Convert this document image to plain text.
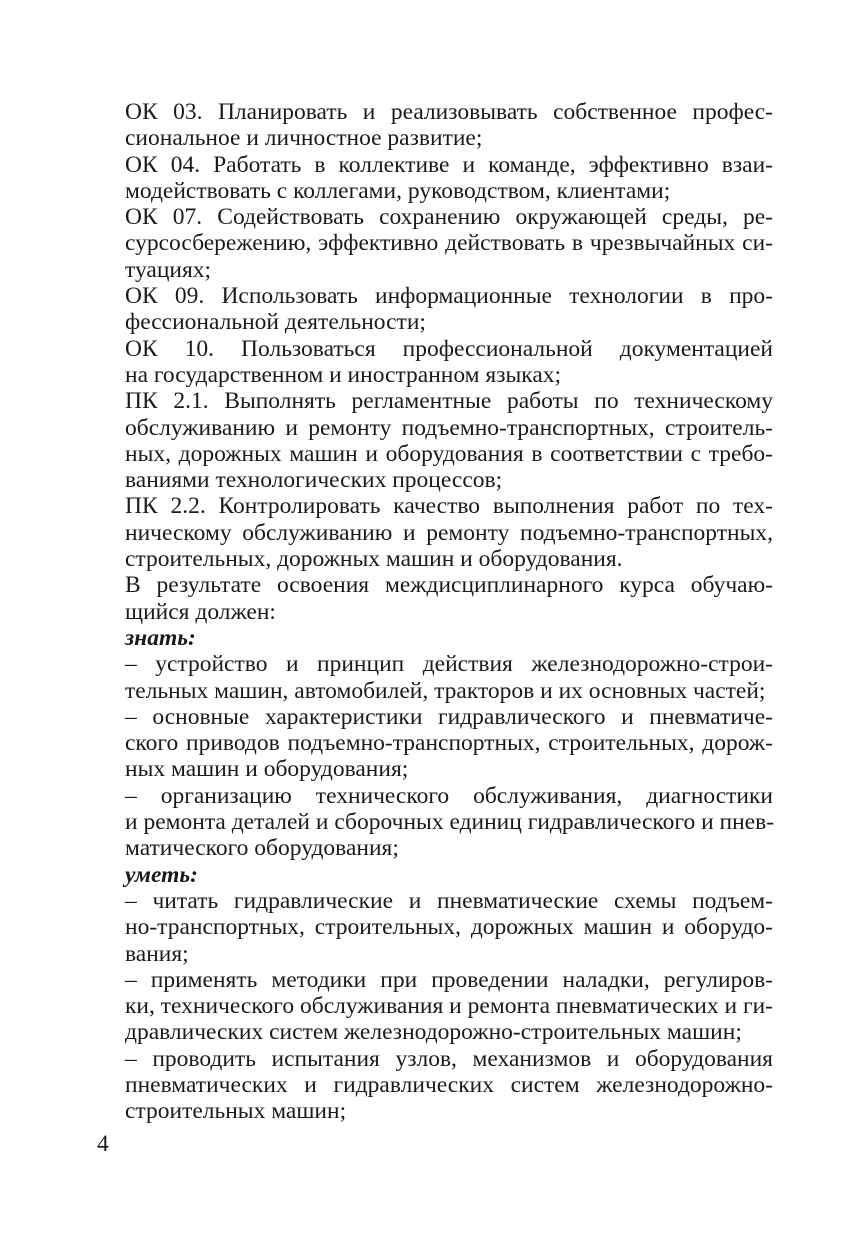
ОК 03. Планировать и реализовывать собственное профес-
сиональное и личностное развитие;
ОК 04. Работать в коллективе и команде, эффективно взаи-
модействовать с коллегами, руководством, клиентами;
ОК 07. Содействовать сохранению окружающей среды, ре-
сурсосбережению, эффективно действовать в чрезвычайных си-
туациях;
ОК 09. Использовать информационные технологии в про-
фессиональной деятельности;
ОК 10. Пользоваться профессиональной документацией
на государственном и иностранном языках;
ПК 2.1. Выполнять регламентные работы по техническому
обслуживанию и ремонту подъемно-транспортных, строитель-
ных, дорожных машин и оборудования в соответствии с требо-
ваниями технологических процессов;
ПК 2.2. Контролировать качество выполнения работ по тех-
ническому обслуживанию и ремонту подъемно-транспортных,
строительных, дорожных машин и оборудования.
В результате освоения междисциплинарного курса обучаю-
щийся должен:
знать:
– устройство и принцип действия железнодорожно-строи-
тельных машин, автомобилей, тракторов и их основных частей;
– основные характеристики гидравлического и пневматиче-
ского приводов подъемно-транспортных, строительных, дорож-
ных машин и оборудования;
– организацию технического обслуживания, диагностики
и ремонта деталей и сборочных единиц гидравлического и пнев-
матического оборудования;
уметь:
– читать гидравлические и пневматические схемы подъем-
но-транспортных, строительных, дорожных машин и оборудо-
вания;
– применять методики при проведении наладки, регулиров-
ки, технического обслуживания и ремонта пневматических и ги-
дравлических систем железнодорожно-строительных машин;
– проводить испытания узлов, механизмов и оборудования
пневматических и гидравлических систем железнодорожно-
строительных машин;
4
